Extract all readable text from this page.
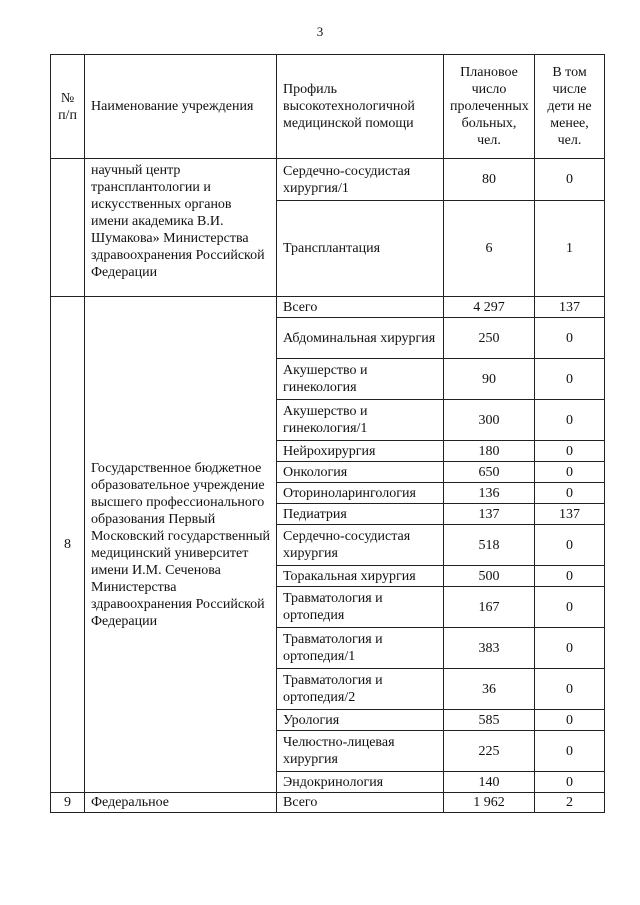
3
№ п/п	Наименование учреждения	Профиль высокотехнологичной медицинской помощи	Плановое число пролеченных больных, чел.	В том числе дети не менее, чел.
	научный центр трансплантологии и искусственных органов имени академика В.И. Шумакова» Министерства здравоохранения Российской Федерации	Сердечно-сосудистая хирургия/1	80	0
		Трансплантация	6	1
8	Государственное бюджетное образовательное учреждение высшего профессионального образования Первый Московский государственный медицинский университет имени И.М. Сеченова Министерства здравоохранения Российской Федерации	Всего	4 297	137
		Абдоминальная хирургия	250	0
		Акушерство и гинекология	90	0
		Акушерство и гинекология/1	300	0
		Нейрохирургия	180	0
		Онкология	650	0
		Оториноларингология	136	0
		Педиатрия	137	137
		Сердечно-сосудистая хирургия	518	0
		Торакальная хирургия	500	0
		Травматология и ортопедия	167	0
		Травматология и ортопедия/1	383	0
		Травматология и ортопедия/2	36	0
		Урология	585	0
		Челюстно-лицевая хирургия	225	0
		Эндокринология	140	0
9	Федеральное	Всего	1 962	2
